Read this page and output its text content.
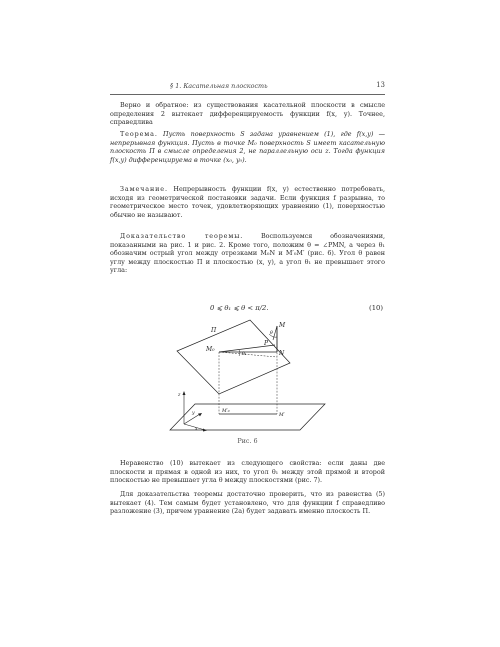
§ 1. Касательная плоскость	13

Верно и обратное: из существования касательной плоскости в смысле определения 2 вытекает дифференцируемость функции f(x, y). Точнее, справедлива

Теорема. Пусть поверхность S задана уравнением (1), где f(x,y) — непрерывная функция. Пусть в точке M₀ поверхность S имеет касательную плоскость Π в смысле определения 2, не параллельную оси z. Тогда функция f(x,y) дифференцируема в точке (x₀, y₀).

Замечание. Непрерывность функции f(x, y) естественно потребовать, исходя из геометрической постановки задачи. Если функция f разрывна, то геометрическое место точек, удовлетворяющих уравнению (1), поверхностью обычно не называют.

Доказательство теоремы.	Воспользуемся обозначениями, показанными на рис. 1 и рис. 2. Кроме того, положим θ = ∠PMN, а через θ₁ обозначим острый угол между отрезками M₀N и M′₀M′ (рис. 6). Угол θ равен углу между плоскостью Π и плоскостью (x, y), а угол θ₁ не превышает этого угла:

0 ⩽ θ₁ ⩽ θ < π/2.	(10)
Π
M₀
M
N
P
θ
θ₁
M′₀
M′
z
y
x
Рис. 6

Неравенство (10) вытекает из следующего свойства: если даны две плоскости и прямая в одной из них, то угол θ₁ между этой прямой и второй плоскостью не превышает угла θ между плоскостями (рис. 7).

Для доказательства теоремы достаточно проверить, что из равенства (5) вытекает (4). Тем самым будет установлено, что для функции f справедливо разложение (3), причем уравнение (2a) будет задавать именно плоскость Π.
